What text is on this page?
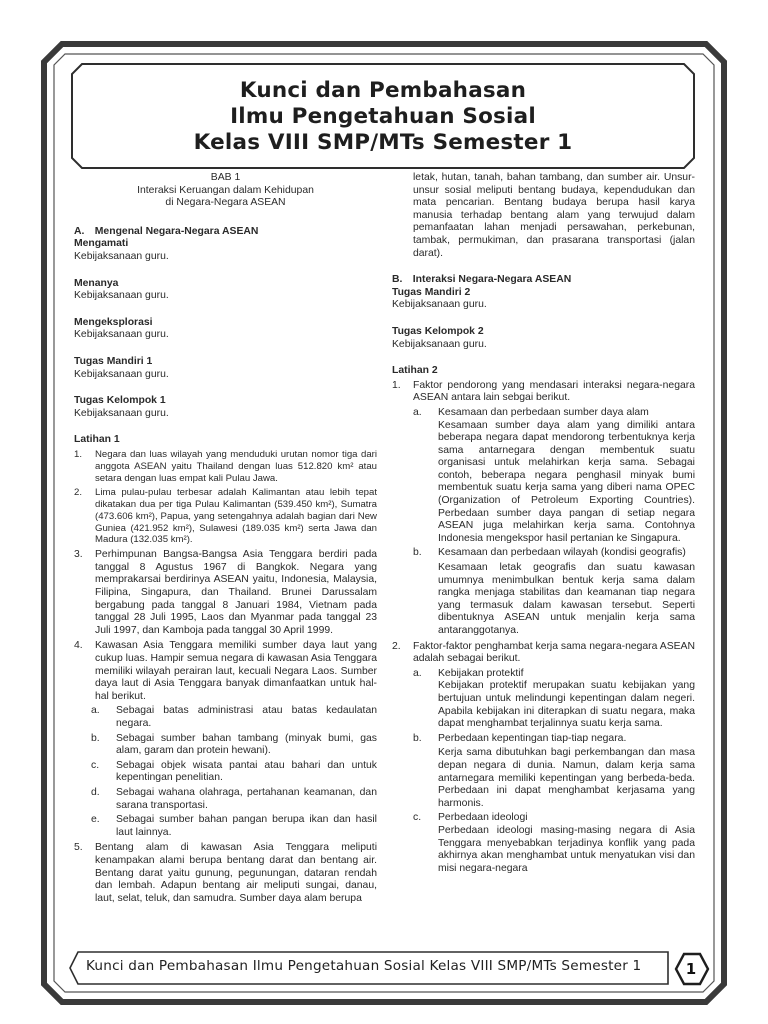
Kunci dan Pembahasan
Ilmu Pengetahuan Sosial
Kelas VIII SMP/MTs Semester 1
BAB 1
Interaksi Keruangan dalam Kehidupan
di Negara-Negara ASEAN
A. Mengenal Negara-Negara ASEAN
Mengamati
Kebijaksanaan guru.
Menanya
Kebijaksanaan guru.
Mengeksplorasi
Kebijaksanaan guru.
Tugas Mandiri 1
Kebijaksanaan guru.
Tugas Kelompok 1
Kebijaksanaan guru.
Latihan 1
1. Negara dan luas wilayah yang menduduki urutan nomor tiga dari anggota ASEAN yaitu Thailand dengan luas 512.820 km² atau setara dengan luas empat kali Pulau Jawa.
2. Lima pulau-pulau terbesar adalah Kalimantan atau lebih tepat dikatakan dua per tiga Pulau Kalimantan (539.450 km²), Sumatra (473.606 km²), Papua, yang setengahnya adalah bagian dari New Guniea (421.952 km²), Sulawesi (189.035 km²) serta Jawa dan Madura (132.035 km²).
3. Perhimpunan Bangsa-Bangsa Asia Tenggara berdiri pada tanggal 8 Agustus 1967 di Bangkok. Negara yang memprakarsai berdirinya ASEAN yaitu, Indonesia, Malaysia, Filipina, Singapura, dan Thailand. Brunei Darussalam bergabung pada tanggal 8 Januari 1984, Vietnam pada tanggal 28 Juli 1995, Laos dan Myanmar pada tanggal 23 Juli 1997, dan Kamboja pada tanggal 30 April 1999.
4. Kawasan Asia Tenggara memiliki sumber daya laut yang cukup luas. Hampir semua negara di kawasan Asia Tenggara memiliki wilayah perairan laut, kecuali Negara Laos. Sumber daya laut di Asia Tenggara banyak dimanfaatkan untuk hal-hal berikut.
a. Sebagai batas administrasi atau batas kedaulatan negara.
b. Sebagai sumber bahan tambang (minyak bumi, gas alam, garam dan protein hewani).
c. Sebagai objek wisata pantai atau bahari dan untuk kepentingan penelitian.
d. Sebagai wahana olahraga, pertahanan keamanan, dan sarana transportasi.
e. Sebagai sumber bahan pangan berupa ikan dan hasil laut lainnya.
5. Bentang alam di kawasan Asia Tenggara meliputi kenampakan alami berupa bentang darat dan bentang air. Bentang darat yaitu gunung, pegunungan, dataran rendah dan lembah. Adapun bentang air meliputi sungai, danau, laut, selat, teluk, dan samudra. Sumber daya alam berupa
letak, hutan, tanah, bahan tambang, dan sumber air. Unsur-unsur sosial meliputi bentang budaya, kependudukan dan mata pencarian. Bentang budaya berupa hasil karya manusia terhadap bentang alam yang terwujud dalam pemanfaatan lahan menjadi persawahan, perkebunan, tambak, permukiman, dan prasarana transportasi (jalan darat).
B. Interaksi Negara-Negara ASEAN
Tugas Mandiri 2
Kebijaksanaan guru.
Tugas Kelompok 2
Kebijaksanaan guru.
Latihan 2
1. Faktor pendorong yang mendasari interaksi negara-negara ASEAN antara lain sebgai berikut.
a. Kesamaan dan perbedaan sumber daya alam
Kesamaan sumber daya alam yang dimiliki antara beberapa negara dapat mendorong terbentuknya kerja sama antarnegara dengan membentuk suatu organisasi untuk melahirkan kerja sama. Sebagai contoh, beberapa negara penghasil minyak bumi membentuk suatu kerja sama yang diberi nama OPEC (Organization of Petroleum Exporting Countries). Perbedaan sumber daya pangan di setiap negara ASEAN juga melahirkan kerja sama. Contohnya Indonesia mengekspor hasil pertanian ke Singapura.
b. Kesamaan dan perbedaan wilayah (kondisi geografis)
Kesamaan letak geografis dan suatu kawasan umumnya menimbulkan bentuk kerja sama dalam rangka menjaga stabilitas dan keamanan tiap negara yang termasuk dalam kawasan tersebut. Seperti dibentuknya ASEAN untuk menjalin kerja sama antaranggotanya.
2. Faktor-faktor penghambat kerja sama negara-negara ASEAN adalah sebagai berikut.
a. Kebijakan protektif
Kebijakan protektif merupakan suatu kebijakan yang bertujuan untuk melindungi kepentingan dalam negeri. Apabila kebijakan ini diterapkan di suatu negara, maka dapat menghambat terjalinnya suatu kerja sama.
b. Perbedaan kepentingan tiap-tiap negara.
Kerja sama dibutuhkan bagi perkembangan dan masa depan negara di dunia. Namun, dalam kerja sama antarnegara memiliki kepentingan yang berbeda-beda. Perbedaan ini dapat menghambat kerjasama yang harmonis.
c. Perbedaan ideologi
Perbedaan ideologi masing-masing negara di Asia Tenggara menyebabkan terjadinya konflik yang pada akhirnya akan menghambat untuk menyatukan visi dan misi negara-negara
Kunci dan Pembahasan Ilmu Pengetahuan Sosial Kelas VIII SMP/MTs Semester 1	1
